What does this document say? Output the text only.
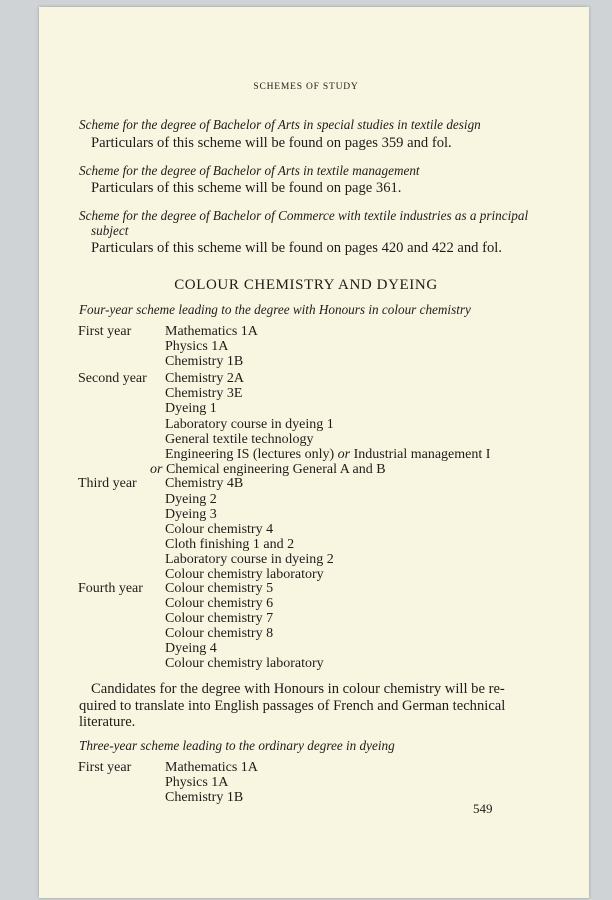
SCHEMES OF STUDY
Scheme for the degree of Bachelor of Arts in special studies in textile design
Particulars of this scheme will be found on pages 359 and fol.
Scheme for the degree of Bachelor of Arts in textile management
Particulars of this scheme will be found on page 361.
Scheme for the degree of Bachelor of Commerce with textile industries as a principal
subject
Particulars of this scheme will be found on pages 420 and 422 and fol.
COLOUR CHEMISTRY AND DYEING
Four-year scheme leading to the degree with Honours in colour chemistry
First year Mathematics 1A
Physics 1A
Chemistry 1B
Second year Chemistry 2A
Chemistry 3E
Dyeing 1
Laboratory course in dyeing 1
General textile technology
Engineering IS (lectures only) or Industrial management I
or Chemical engineering General A and B
Third year Chemistry 4B
Dyeing 2
Dyeing 3
Colour chemistry 4
Cloth finishing 1 and 2
Laboratory course in dyeing 2
Colour chemistry laboratory
Fourth year Colour chemistry 5
Colour chemistry 6
Colour chemistry 7
Colour chemistry 8
Dyeing 4
Colour chemistry laboratory
Candidates for the degree with Honours in colour chemistry will be re-
quired to translate into English passages of French and German technical
literature.
Three-year scheme leading to the ordinary degree in dyeing
First year Mathematics 1A
Physics 1A
Chemistry 1B
549
